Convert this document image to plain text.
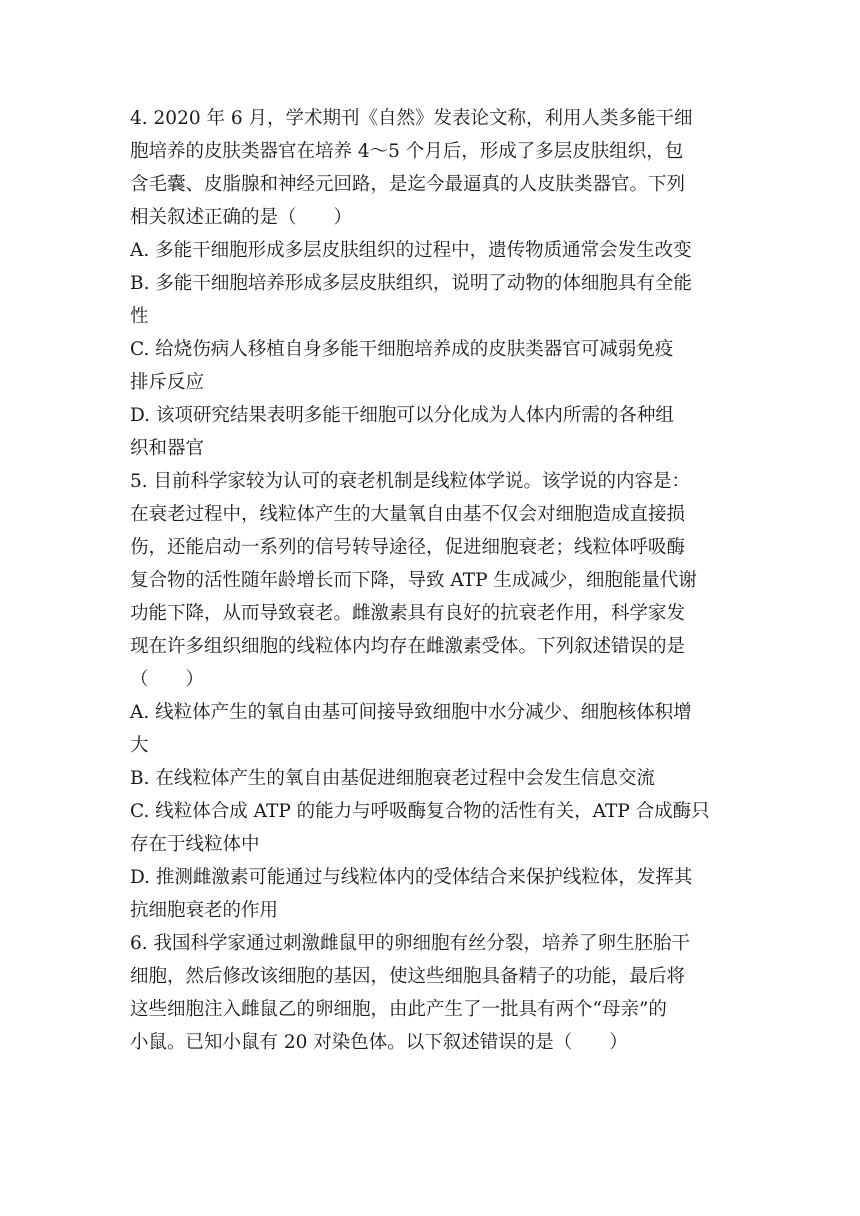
4. 2020 年 6 月，学术期刊《自然》发表论文称，利用人类多能干细
胞培养的皮肤类器官在培养 4～5 个月后，形成了多层皮肤组织，包
含毛囊、皮脂腺和神经元回路，是迄今最逼真的人皮肤类器官。下列
相关叙述正确的是（　　）
A. 多能干细胞形成多层皮肤组织的过程中，遗传物质通常会发生改变
B. 多能干细胞培养形成多层皮肤组织，说明了动物的体细胞具有全能
性
C. 给烧伤病人移植自身多能干细胞培养成的皮肤类器官可减弱免疫
排斥反应
D. 该项研究结果表明多能干细胞可以分化成为人体内所需的各种组
织和器官
5. 目前科学家较为认可的衰老机制是线粒体学说。该学说的内容是：
在衰老过程中，线粒体产生的大量氧自由基不仅会对细胞造成直接损
伤，还能启动一系列的信号转导途径，促进细胞衰老；线粒体呼吸酶
复合物的活性随年龄增长而下降，导致 ATP 生成减少，细胞能量代谢
功能下降，从而导致衰老。雌激素具有良好的抗衰老作用，科学家发
现在许多组织细胞的线粒体内均存在雌激素受体。下列叙述错误的是
（　　）
A. 线粒体产生的氧自由基可间接导致细胞中水分减少、细胞核体积增
大
B. 在线粒体产生的氧自由基促进细胞衰老过程中会发生信息交流
C. 线粒体合成 ATP 的能力与呼吸酶复合物的活性有关，ATP 合成酶只
存在于线粒体中
D. 推测雌激素可能通过与线粒体内的受体结合来保护线粒体，发挥其
抗细胞衰老的作用
6. 我国科学家通过刺激雌鼠甲的卵细胞有丝分裂，培养了卵生胚胎干
细胞，然后修改该细胞的基因，使这些细胞具备精子的功能，最后将
这些细胞注入雌鼠乙的卵细胞，由此产生了一批具有两个“母亲”的
小鼠。已知小鼠有 20 对染色体。以下叙述错误的是（　　）
